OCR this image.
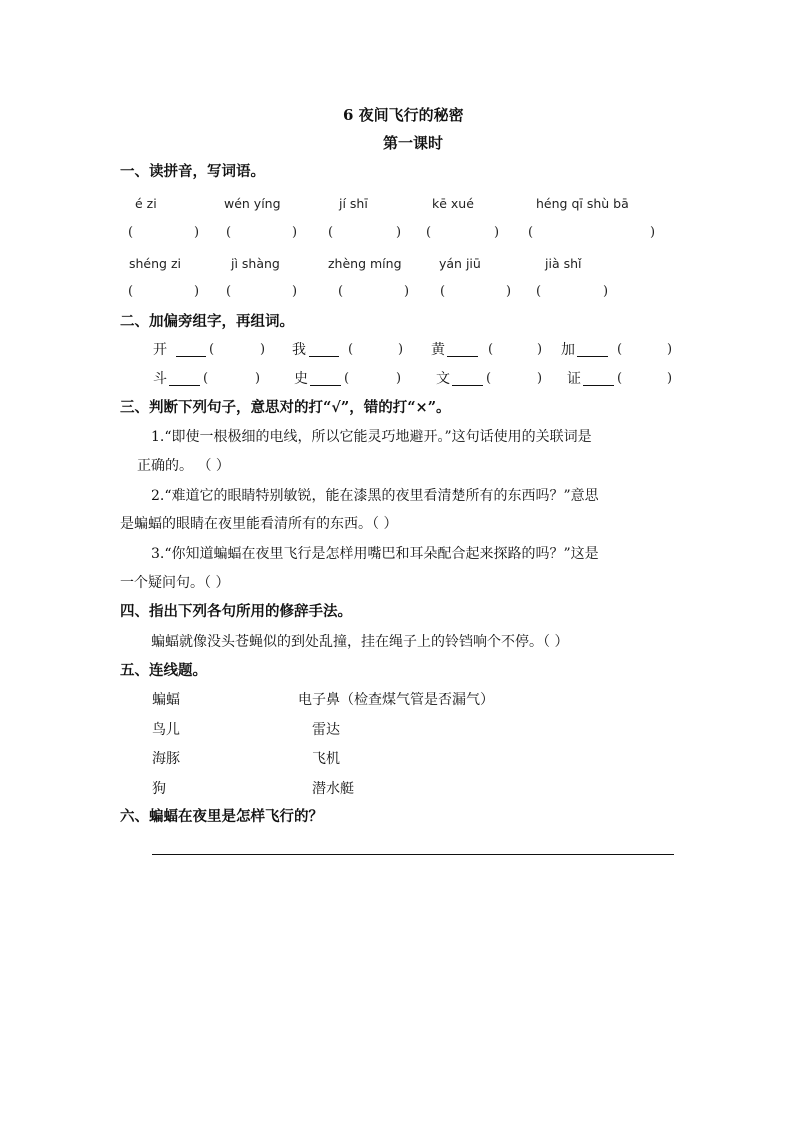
6 夜间飞行的秘密
第一课时
一、读拼音，写词语。
é zi	wén yíng	jí shī	kē xué	héng qī shù bā
(	) (	) (	) (	) (	)
shéng zi	jì shàng	zhèng míng	yán jiū	jià shǐ
(	) (	)	(	) (	) (	)
二、加偏旁组字，再组词。
开	(	) 我	(	) 黄	(	) 加	(	)
斗	(	) 史	(	) 文	(	) 证	(	)
三、判断下列句子，意思对的打“√”，错的打“×”。
1.“即使一根极细的电线，所以它能灵巧地避开。”这句话使用的关联词是
正确的。 （ ）
2.“难道它的眼睛特别敏锐，能在漆黑的夜里看清楚所有的东西吗？”意思
是蝙蝠的眼睛在夜里能看清所有的东西。（ ）
3.“你知道蝙蝠在夜里飞行是怎样用嘴巴和耳朵配合起来探路的吗？”这是
一个疑问句。（ ）
四、指出下列各句所用的修辞手法。
蝙蝠就像没头苍蝇似的到处乱撞，挂在绳子上的铃铛响个不停。（ ）
五、连线题。
蝙蝠	电子鼻（检查煤气管是否漏气）
鸟儿	雷达
海豚	飞机
狗	潜水艇
六、蝙蝠在夜里是怎样飞行的？
